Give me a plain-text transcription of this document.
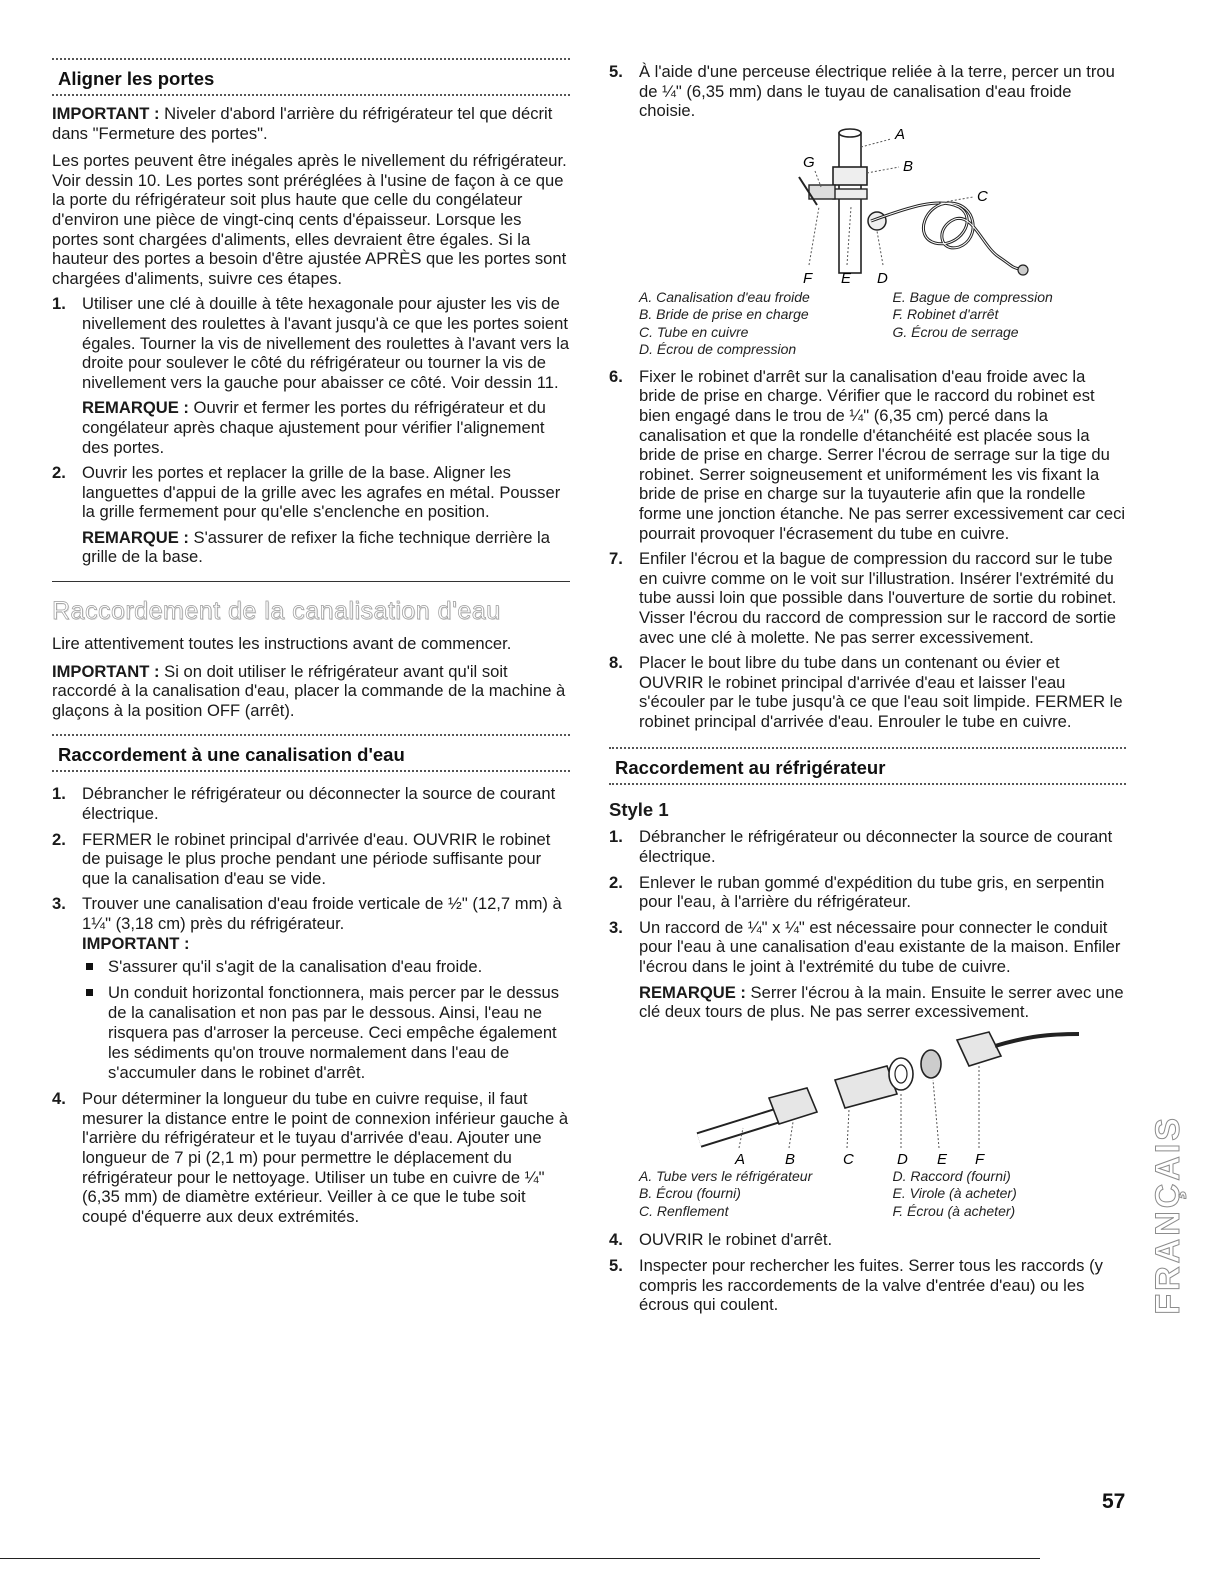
Aligner les portes

IMPORTANT : Niveler d'abord l'arrière du réfrigérateur tel que décrit dans "Fermeture des portes".

Les portes peuvent être inégales après le nivellement du réfrigérateur. Voir dessin 10. Les portes sont préréglées à l'usine de façon à ce que la porte du réfrigérateur soit plus haute que celle du congélateur d'environ une pièce de vingt-cinq cents d'épaisseur. Lorsque les portes sont chargées d'aliments, elles devraient être égales. Si la hauteur des portes a besoin d'être ajustée APRÈS que les portes sont chargées d'aliments, suivre ces étapes.

1. Utiliser une clé à douille à tête hexagonale pour ajuster les vis de nivellement des roulettes à l'avant jusqu'à ce que les portes soient égales. Tourner la vis de nivellement des roulettes à l'avant vers la droite pour soulever le côté du réfrigérateur ou tourner la vis de nivellement vers la gauche pour abaisser ce côté. Voir dessin 11.

REMARQUE : Ouvrir et fermer les portes du réfrigérateur et du congélateur après chaque ajustement pour vérifier l'alignement des portes.

2. Ouvrir les portes et replacer la grille de la base. Aligner les languettes d'appui de la grille avec les agrafes en métal. Pousser la grille fermement pour qu'elle s'enclenche en position.

REMARQUE : S'assurer de refixer la fiche technique derrière la grille de la base.

Raccordement de la canalisation d'eau

Lire attentivement toutes les instructions avant de commencer.

IMPORTANT : Si on doit utiliser le réfrigérateur avant qu'il soit raccordé à la canalisation d'eau, placer la commande de la machine à glaçons à la position OFF (arrêt).

Raccordement à une canalisation d'eau
1. Débrancher le réfrigérateur ou déconnecter la source de courant électrique.

2. FERMER le robinet principal d'arrivée d'eau. OUVRIR le robinet de puisage le plus proche pendant une période suffisante pour que la canalisation d'eau se vide.

3. Trouver une canalisation d'eau froide verticale de ½" (12,7 mm) à 1¼" (3,18 cm) près du réfrigérateur.

IMPORTANT :

S'assurer qu'il s'agit de la canalisation d'eau froide.
Un conduit horizontal fonctionnera, mais percer par le dessus de la canalisation et non pas par le dessous. Ainsi, l'eau ne risquera pas d'arroser la perceuse. Ceci empêche également les sédiments qu'on trouve normalement dans l'eau de s'accumuler dans le robinet d'arrêt.
4. Pour déterminer la longueur du tube en cuivre requise, il faut mesurer la distance entre le point de connexion inférieur gauche à l'arrière du réfrigérateur et le tuyau d'arrivée d'eau. Ajouter une longueur de 7 pi (2,1 m) pour permettre le déplacement du réfrigérateur pour le nettoyage. Utiliser un tube en cuivre de ¼" (6,35 mm) de diamètre extérieur. Veiller à ce que le tube soit coupé d'équerre aux deux extrémités.

5. À l'aide d'une perceuse électrique reliée à la terre, percer un trou de ¼" (6,35 mm) dans le tuyau de canalisation d'eau froide choisie.

A
B
C
D
E
F
G
A. Canalisation d'eau froide	E. Bague de compression
B. Bride de prise en charge	F. Robinet d'arrêt
C. Tube en cuivre	G. Écrou de serrage
D. Écrou de compression
6. Fixer le robinet d'arrêt sur la canalisation d'eau froide avec la bride de prise en charge. Vérifier que le raccord du robinet est bien engagé dans le trou de ¼" (6,35 cm) percé dans la canalisation et que la rondelle d'étanchéité est placée sous la bride de prise en charge. Serrer l'écrou de serrage sur la tige du robinet. Serrer soigneusement et uniformément les vis fixant la bride de prise en charge sur la tuyauterie afin que la rondelle forme une jonction étanche. Ne pas serrer excessivement car ceci pourrait provoquer l'écrasement du tube en cuivre.

7. Enfiler l'écrou et la bague de compression du raccord sur le tube en cuivre comme on le voit sur l'illustration. Insérer l'extrémité du tube aussi loin que possible dans l'ouverture de sortie du robinet. Visser l'écrou du raccord de compression sur le raccord de sortie avec une clé à molette. Ne pas serrer excessivement.

8. Placer le bout libre du tube dans un contenant ou évier et OUVRIR le robinet principal d'arrivée d'eau et laisser l'eau s'écouler par le tube jusqu'à ce que l'eau soit limpide. FERMER le robinet principal d'arrivée d'eau. Enrouler le tube en cuivre.

Raccordement au réfrigérateur
Style 1
1. Débrancher le réfrigérateur ou déconnecter la source de courant électrique.

2. Enlever le ruban gommé d'expédition du tube gris, en serpentin pour l'eau, à l'arrière du réfrigérateur.

3. Un raccord de ¼" x ¼" est nécessaire pour connecter le conduit pour l'eau à une canalisation d'eau existante de la maison. Enfiler l'écrou dans le joint à l'extrémité du tube de cuivre.

REMARQUE : Serrer l'écrou à la main. Ensuite le serrer avec une clé deux tours de plus. Ne pas serrer excessivement.

A	B	C	D E F
A. Tube vers le réfrigérateur	D. Raccord (fourni)
B. Écrou (fourni)	E. Virole (à acheter)
C. Renflement	F. Écrou (à acheter)
4. OUVRIR le robinet d'arrêt.

5. Inspecter pour rechercher les fuites. Serrer tous les raccords (y compris les raccordements de la valve d'entrée d'eau) ou les écrous qui coulent.	FRANÇAIS
57
